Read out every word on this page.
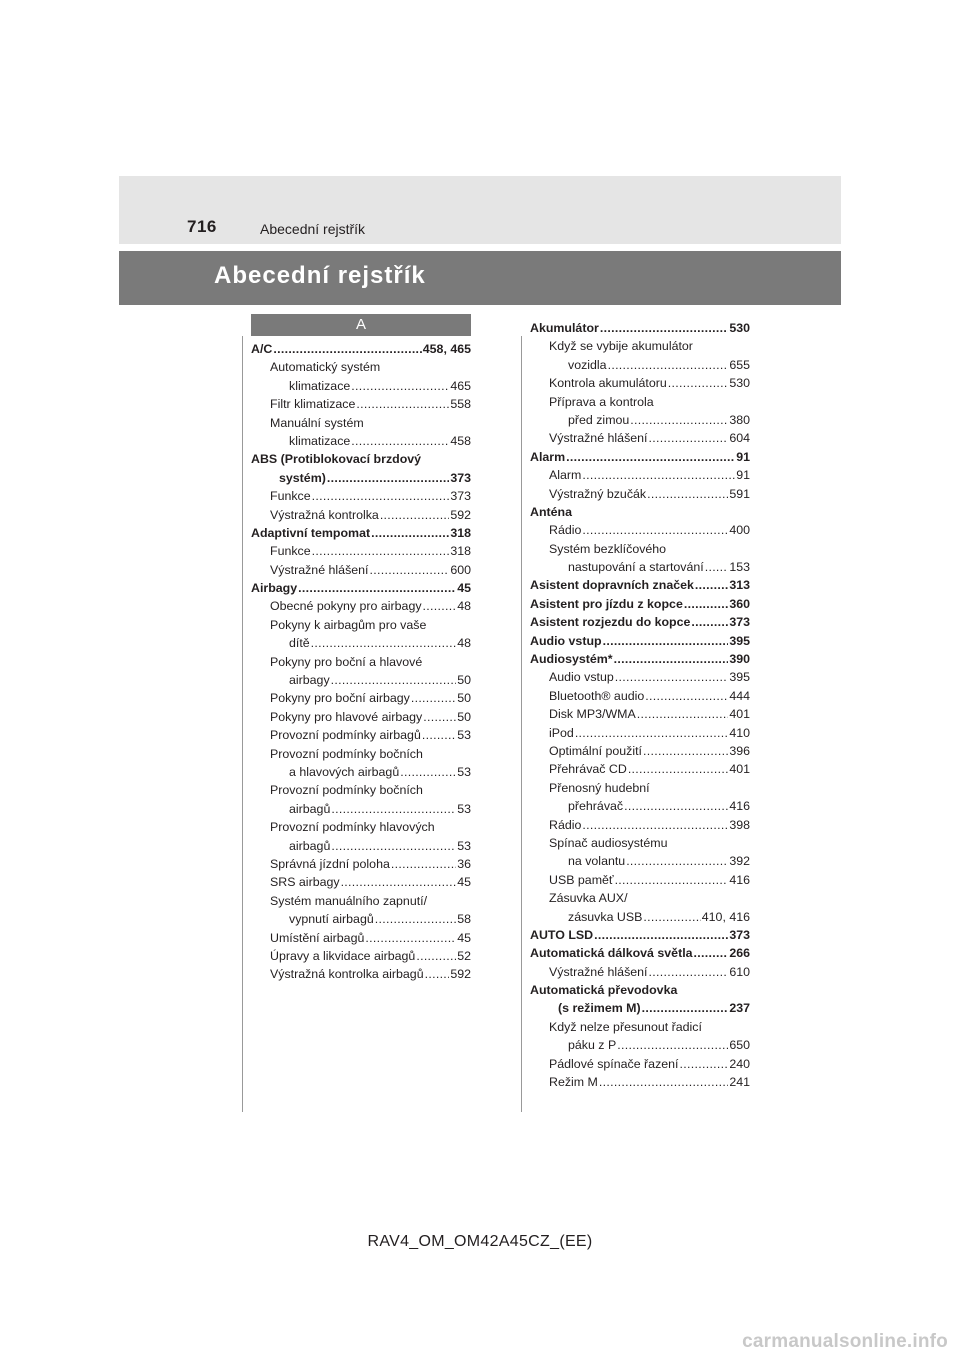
716	Abecední rejstřík
Abecední rejstřík
A
A/C .....	458, 465
Automatický systém
klimatizace .....	465
Filtr klimatizace .....	558
Manuální systém
klimatizace .....	458
ABS (Protiblokovací brzdový
systém) .....	373
Funkce .....	373
Výstražná kontrolka .....	592
Adaptivní tempomat .....	318
Funkce .....	318
Výstražné hlášení .....	600
Airbagy .....	45
Obecné pokyny pro airbagy .....	48
Pokyny k airbagům pro vaše
dítě .....	48
Pokyny pro boční a hlavové
airbagy .....	50
Pokyny pro boční airbagy .....	50
Pokyny pro hlavové airbagy .....	50
Provozní podmínky airbagů .....	53
Provozní podmínky bočních
a hlavových airbagů .....	53
Provozní podmínky bočních
airbagů .....	53
Provozní podmínky hlavových
airbagů .....	53
Správná jízdní poloha .....	36
SRS airbagy .....	45
Systém manuálního zapnutí/
vypnutí airbagů .....	58
Umístění airbagů .....	45
Úpravy a likvidace airbagů .....	52
Výstražná kontrolka airbagů ..... 592
Akumulátor .....	530
Když se vybije akumulátor
vozidla .....	655
Kontrola akumulátoru .....	530
Příprava a kontrola
před zimou .....	380
Výstražné hlášení .....	604
Alarm .....	91
Alarm .....	91
Výstražný bzučák .....	591
Anténa
Rádio .....	400
Systém bezklíčového
nastupování a startování ..... 153
Asistent dopravních značek .....	313
Asistent pro jízdu z kopce .....	360
Asistent rozjezdu do kopce .....	373
Audio vstup .....	395
Audiosystém* .....	390
Audio vstup .....	395
Bluetooth® audio .....	444
Disk MP3/WMA .....	401
iPod .....	410
Optimální použití .....	396
Přehrávač CD .....	401
Přenosný hudební
přehrávač .....	416
Rádio .....	398
Spínač audiosystému
na volantu .....	392
USB paměť .....	416
Zásuvka AUX/
zásuvka USB .....	410, 416
AUTO LSD .....	373
Automatická dálková světla .....	266
Výstražné hlášení .....	610
Automatická převodovka
(s režimem M) .....	237
Když nelze přesunout řadicí
páku z P .....	650
Pádlové spínače řazení .....	240
Režim M .....	241
RAV4_OM_OM42A45CZ_(EE)
carmanualsonline.info
